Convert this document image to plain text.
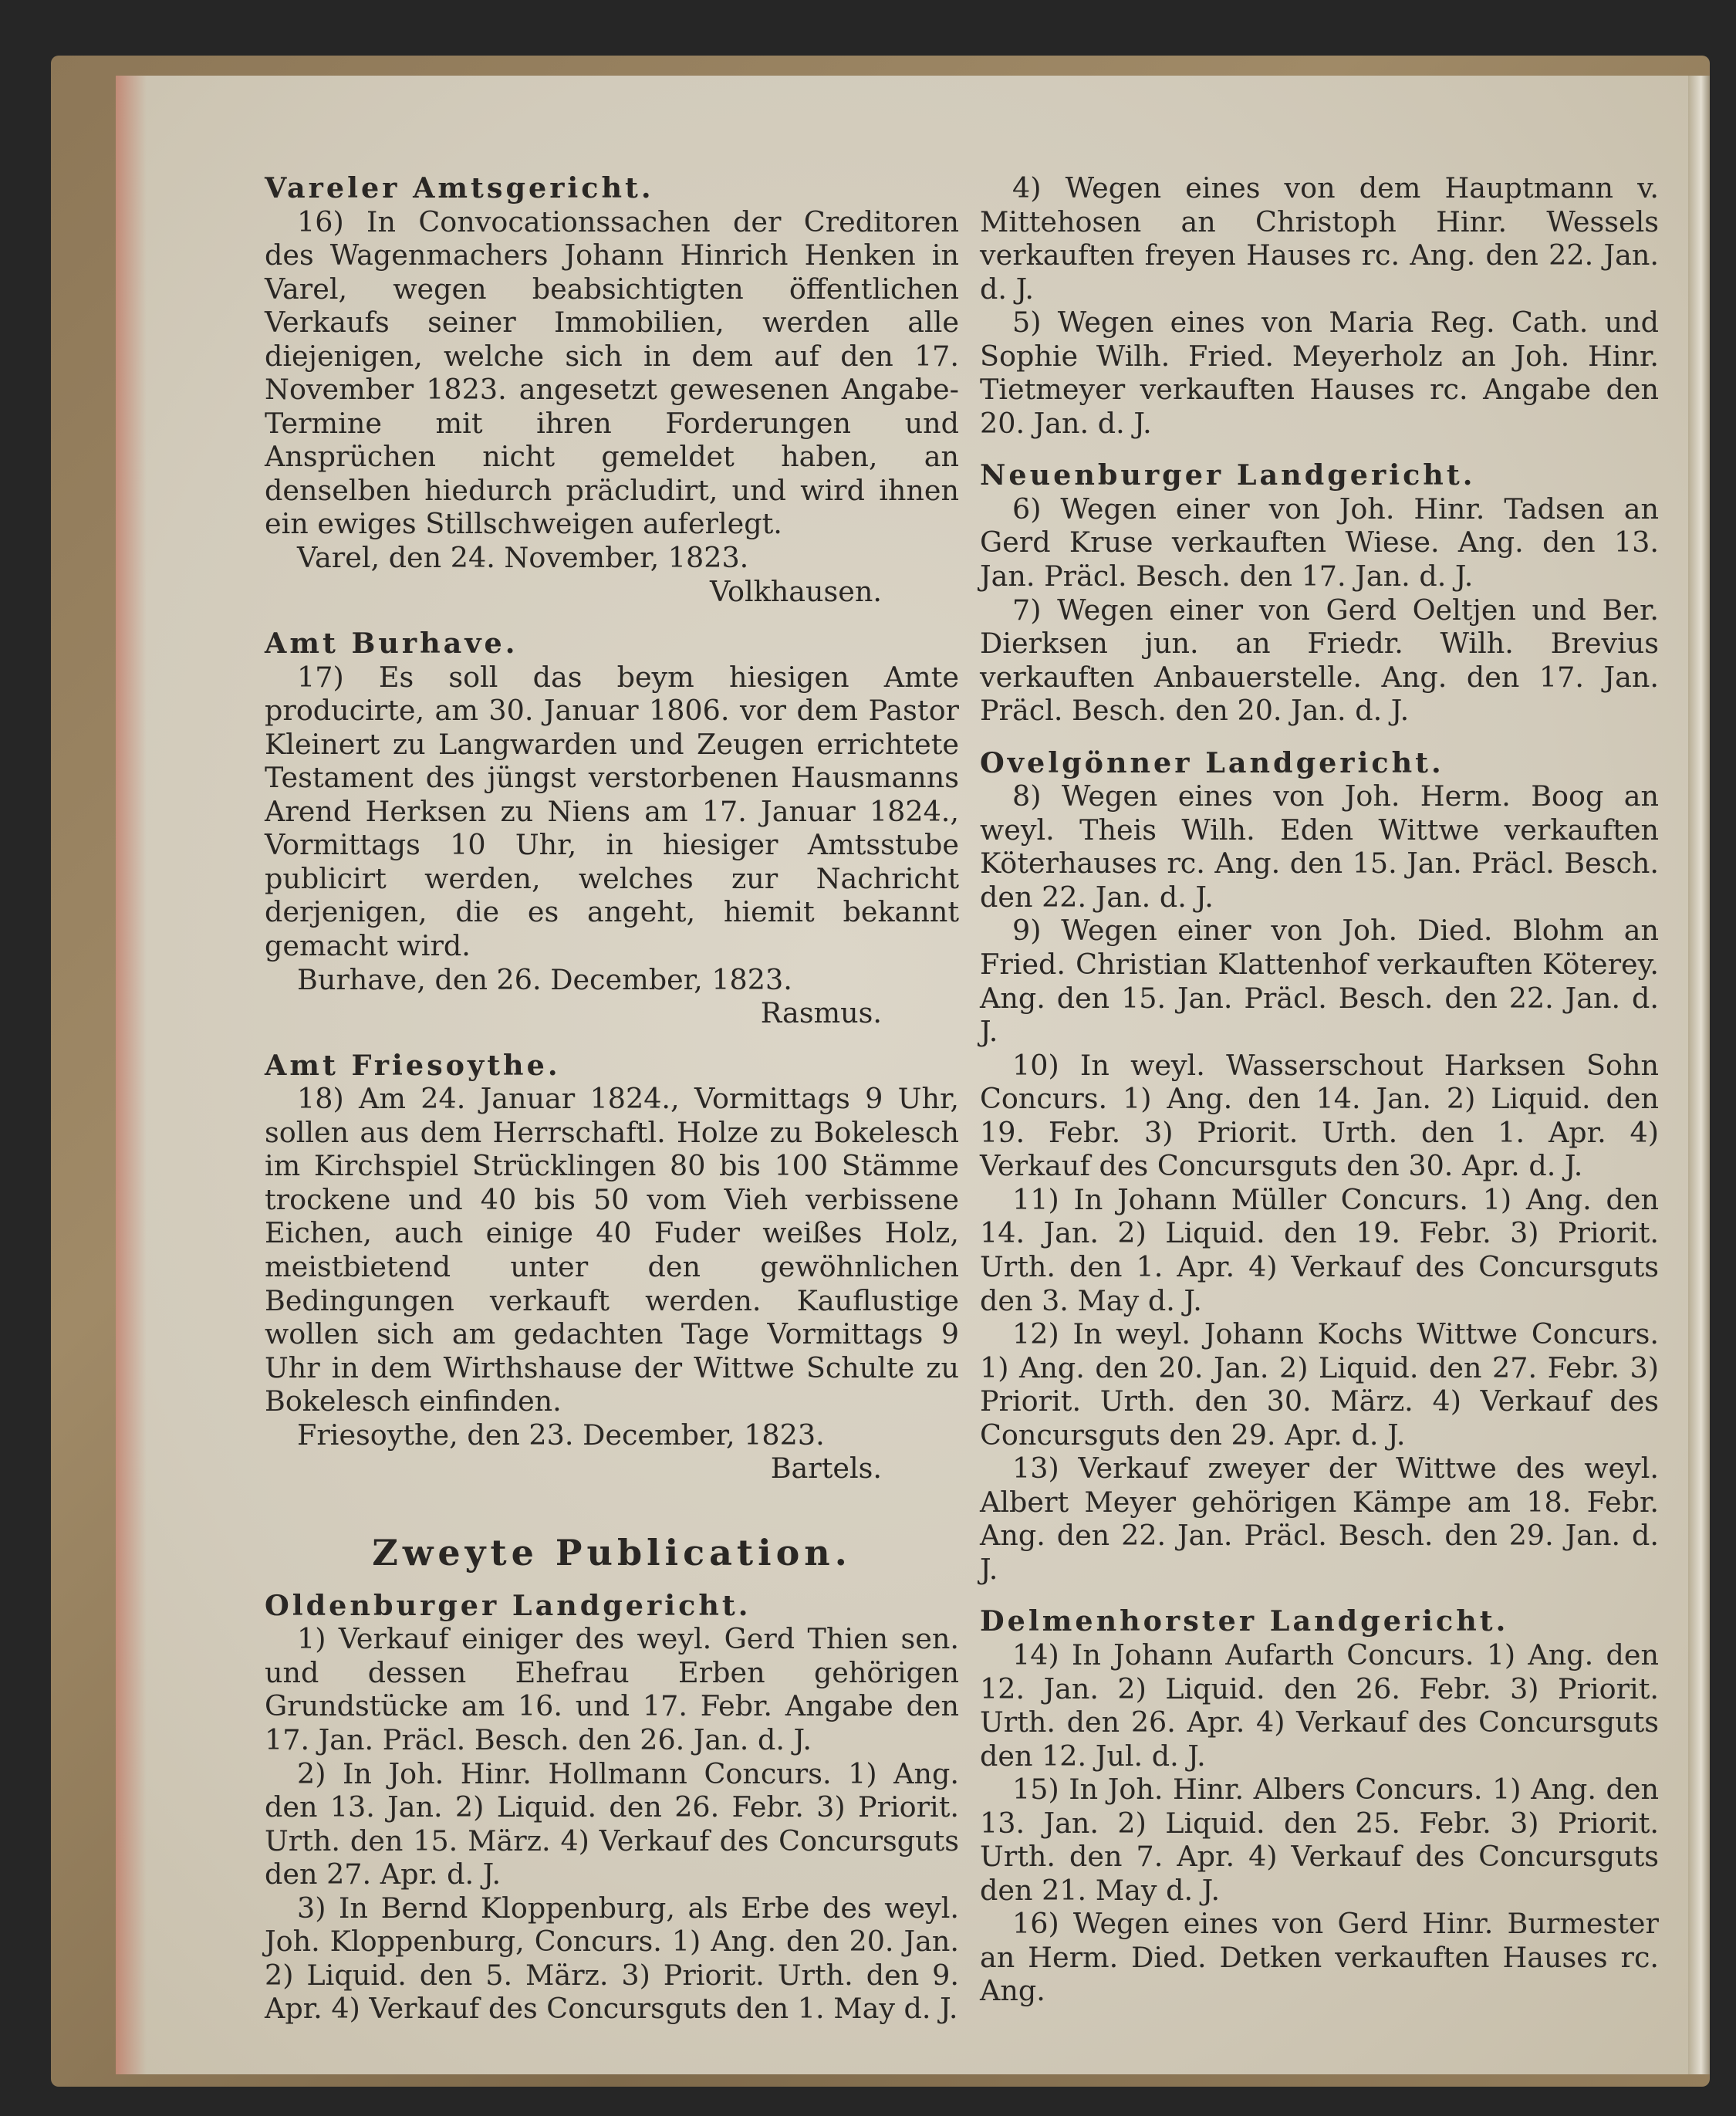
Vareler Amtsgericht.

16) In Convocationssachen der Creditoren des Wagenmachers Johann Hinrich Henken in Varel, wegen beabsichtigten öffentlichen Verkaufs seiner Immobilien, werden alle diejenigen, welche sich in dem auf den 17. November 1823. angesetzt gewesenen Angabe-Termine mit ihren Forderungen und Ansprüchen nicht gemeldet haben, an denselben hiedurch präcludirt, und wird ihnen ein ewiges Stillschweigen auferlegt.

Varel, den 24. November, 1823.

Volkhausen.

Amt Burhave.

17) Es soll das beym hiesigen Amte producirte, am 30. Januar 1806. vor dem Pastor Kleinert zu Langwarden und Zeugen errichtete Testament des jüngst verstorbenen Hausmanns Arend Herksen zu Niens am 17. Januar 1824., Vormittags 10 Uhr, in hiesiger Amtsstube publicirt werden, welches zur Nachricht derjenigen, die es angeht, hiemit bekannt gemacht wird.

Burhave, den 26. December, 1823.

Rasmus.

Amt Friesoythe.

18) Am 24. Januar 1824., Vormittags 9 Uhr, sollen aus dem Herrschaftl. Holze zu Bokelesch im Kirchspiel Strücklingen 80 bis 100 Stämme trockene und 40 bis 50 vom Vieh verbissene Eichen, auch einige 40 Fuder weißes Holz, meistbietend unter den gewöhnlichen Bedingungen verkauft werden. Kauflustige wollen sich am gedachten Tage Vormittags 9 Uhr in dem Wirthshause der Wittwe Schulte zu Bokelesch einfinden.

Friesoythe, den 23. December, 1823.

Bartels.

Zweyte Publication.
Oldenburger Landgericht.

1) Verkauf einiger des weyl. Gerd Thien sen. und dessen Ehefrau Erben gehörigen Grundstücke am 16. und 17. Febr. Angabe den 17. Jan. Präcl. Besch. den 26. Jan. d. J.

2) In Joh. Hinr. Hollmann Concurs. 1) Ang. den 13. Jan. 2) Liquid. den 26. Febr. 3) Priorit. Urth. den 15. März. 4) Verkauf des Concursguts den 27. Apr. d. J.

3) In Bernd Kloppenburg, als Erbe des weyl. Joh. Kloppenburg, Concurs. 1) Ang. den 20. Jan. 2) Liquid. den 5. März. 3) Priorit. Urth. den 9. Apr. 4) Verkauf des Concursguts den 1. May d. J.

4) Wegen eines von dem Hauptmann v. Mittehosen an Christoph Hinr. Wessels verkauften freyen Hauses rc. Ang. den 22. Jan. d. J.

5) Wegen eines von Maria Reg. Cath. und Sophie Wilh. Fried. Meyerholz an Joh. Hinr. Tietmeyer verkauften Hauses rc. Angabe den 20. Jan. d. J.

Neuenburger Landgericht.

6) Wegen einer von Joh. Hinr. Tadsen an Gerd Kruse verkauften Wiese. Ang. den 13. Jan. Präcl. Besch. den 17. Jan. d. J.

7) Wegen einer von Gerd Oeltjen und Ber. Dierksen jun. an Friedr. Wilh. Brevius verkauften Anbauerstelle. Ang. den 17. Jan. Präcl. Besch. den 20. Jan. d. J.

Ovelgönner Landgericht.

8) Wegen eines von Joh. Herm. Boog an weyl. Theis Wilh. Eden Wittwe verkauften Köterhauses rc. Ang. den 15. Jan. Präcl. Besch. den 22. Jan. d. J.

9) Wegen einer von Joh. Died. Blohm an Fried. Christian Klattenhof verkauften Köterey. Ang. den 15. Jan. Präcl. Besch. den 22. Jan. d. J.

10) In weyl. Wasserschout Harksen Sohn Concurs. 1) Ang. den 14. Jan. 2) Liquid. den 19. Febr. 3) Priorit. Urth. den 1. Apr. 4) Verkauf des Concursguts den 30. Apr. d. J.

11) In Johann Müller Concurs. 1) Ang. den 14. Jan. 2) Liquid. den 19. Febr. 3) Priorit. Urth. den 1. Apr. 4) Verkauf des Concursguts den 3. May d. J.

12) In weyl. Johann Kochs Wittwe Concurs. 1) Ang. den 20. Jan. 2) Liquid. den 27. Febr. 3) Priorit. Urth. den 30. März. 4) Verkauf des Concursguts den 29. Apr. d. J.

13) Verkauf zweyer der Wittwe des weyl. Albert Meyer gehörigen Kämpe am 18. Febr. Ang. den 22. Jan. Präcl. Besch. den 29. Jan. d. J.

Delmenhorster Landgericht.

14) In Johann Aufarth Concurs. 1) Ang. den 12. Jan. 2) Liquid. den 26. Febr. 3) Priorit. Urth. den 26. Apr. 4) Verkauf des Concursguts den 12. Jul. d. J.

15) In Joh. Hinr. Albers Concurs. 1) Ang. den 13. Jan. 2) Liquid. den 25. Febr. 3) Priorit. Urth. den 7. Apr. 4) Verkauf des Concursguts den 21. May d. J.

16) Wegen eines von Gerd Hinr. Burmester an Herm. Died. Detken verkauften Hauses rc. Ang.
